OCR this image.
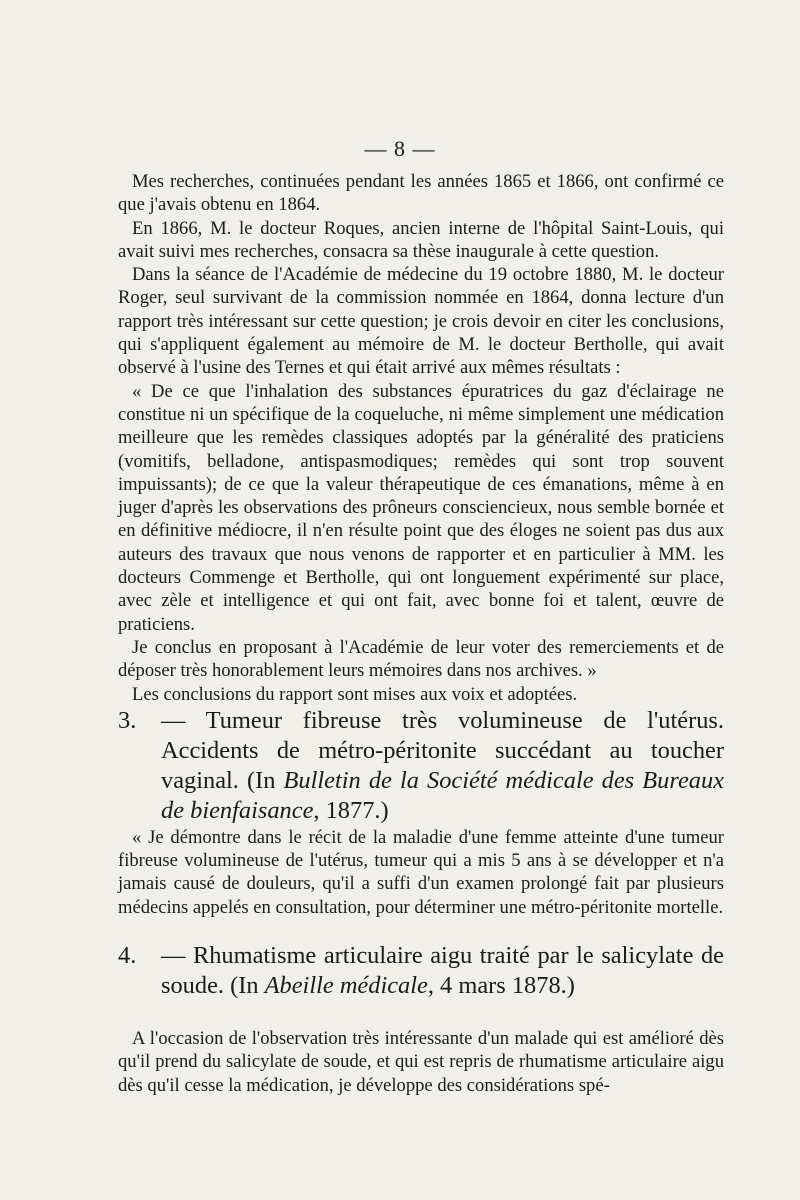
— 8 —

Mes recherches, continuées pendant les années 1865 et 1866, ont confirmé ce que j'avais obtenu en 1864.

En 1866, M. le docteur Roques, ancien interne de l'hôpital Saint-Louis, qui avait suivi mes recherches, consacra sa thèse inaugurale à cette question.

Dans la séance de l'Académie de médecine du 19 octobre 1880, M. le docteur Roger, seul survivant de la commission nommée en 1864, donna lecture d'un rapport très intéressant sur cette question; je crois devoir en citer les conclusions, qui s'appliquent également au mémoire de M. le docteur Bertholle, qui avait observé à l'usine des Ternes et qui était arrivé aux mêmes résultats :

« De ce que l'inhalation des substances épuratrices du gaz d'éclairage ne constitue ni un spécifique de la coqueluche, ni même simplement une médication meilleure que les remèdes classiques adoptés par la généralité des praticiens (vomitifs, belladone, antispasmodiques; remèdes qui sont trop souvent impuissants); de ce que la valeur thérapeutique de ces émanations, même à en juger d'après les observations des prôneurs consciencieux, nous semble bornée et en définitive médiocre, il n'en résulte point que des éloges ne soient pas dus aux auteurs des travaux que nous venons de rapporter et en particulier à MM. les docteurs Commenge et Bertholle, qui ont longuement expérimenté sur place, avec zèle et intelligence et qui ont fait, avec bonne foi et talent, œuvre de praticiens.

Je conclus en proposant à l'Académie de leur voter des remerciements et de déposer très honorablement leurs mémoires dans nos archives. »

Les conclusions du rapport sont mises aux voix et adoptées.

3. — Tumeur fibreuse très volumineuse de l'utérus. Accidents de métro-péritonite succédant au toucher vaginal. (In Bulletin de la Société médicale des Bureaux de bienfaisance, 1877.)

« Je démontre dans le récit de la maladie d'une femme atteinte d'une tumeur fibreuse volumineuse de l'utérus, tumeur qui a mis 5 ans à se développer et n'a jamais causé de douleurs, qu'il a suffi d'un examen prolongé fait par plusieurs médecins appelés en consultation, pour déterminer une métro-péritonite mortelle.

4. — Rhumatisme articulaire aigu traité par le salicylate de soude. (In Abeille médicale, 4 mars 1878.)

A l'occasion de l'observation très intéressante d'un malade qui est amélioré dès qu'il prend du salicylate de soude, et qui est repris de rhumatisme articulaire aigu dès qu'il cesse la médication, je développe des considérations spé-
